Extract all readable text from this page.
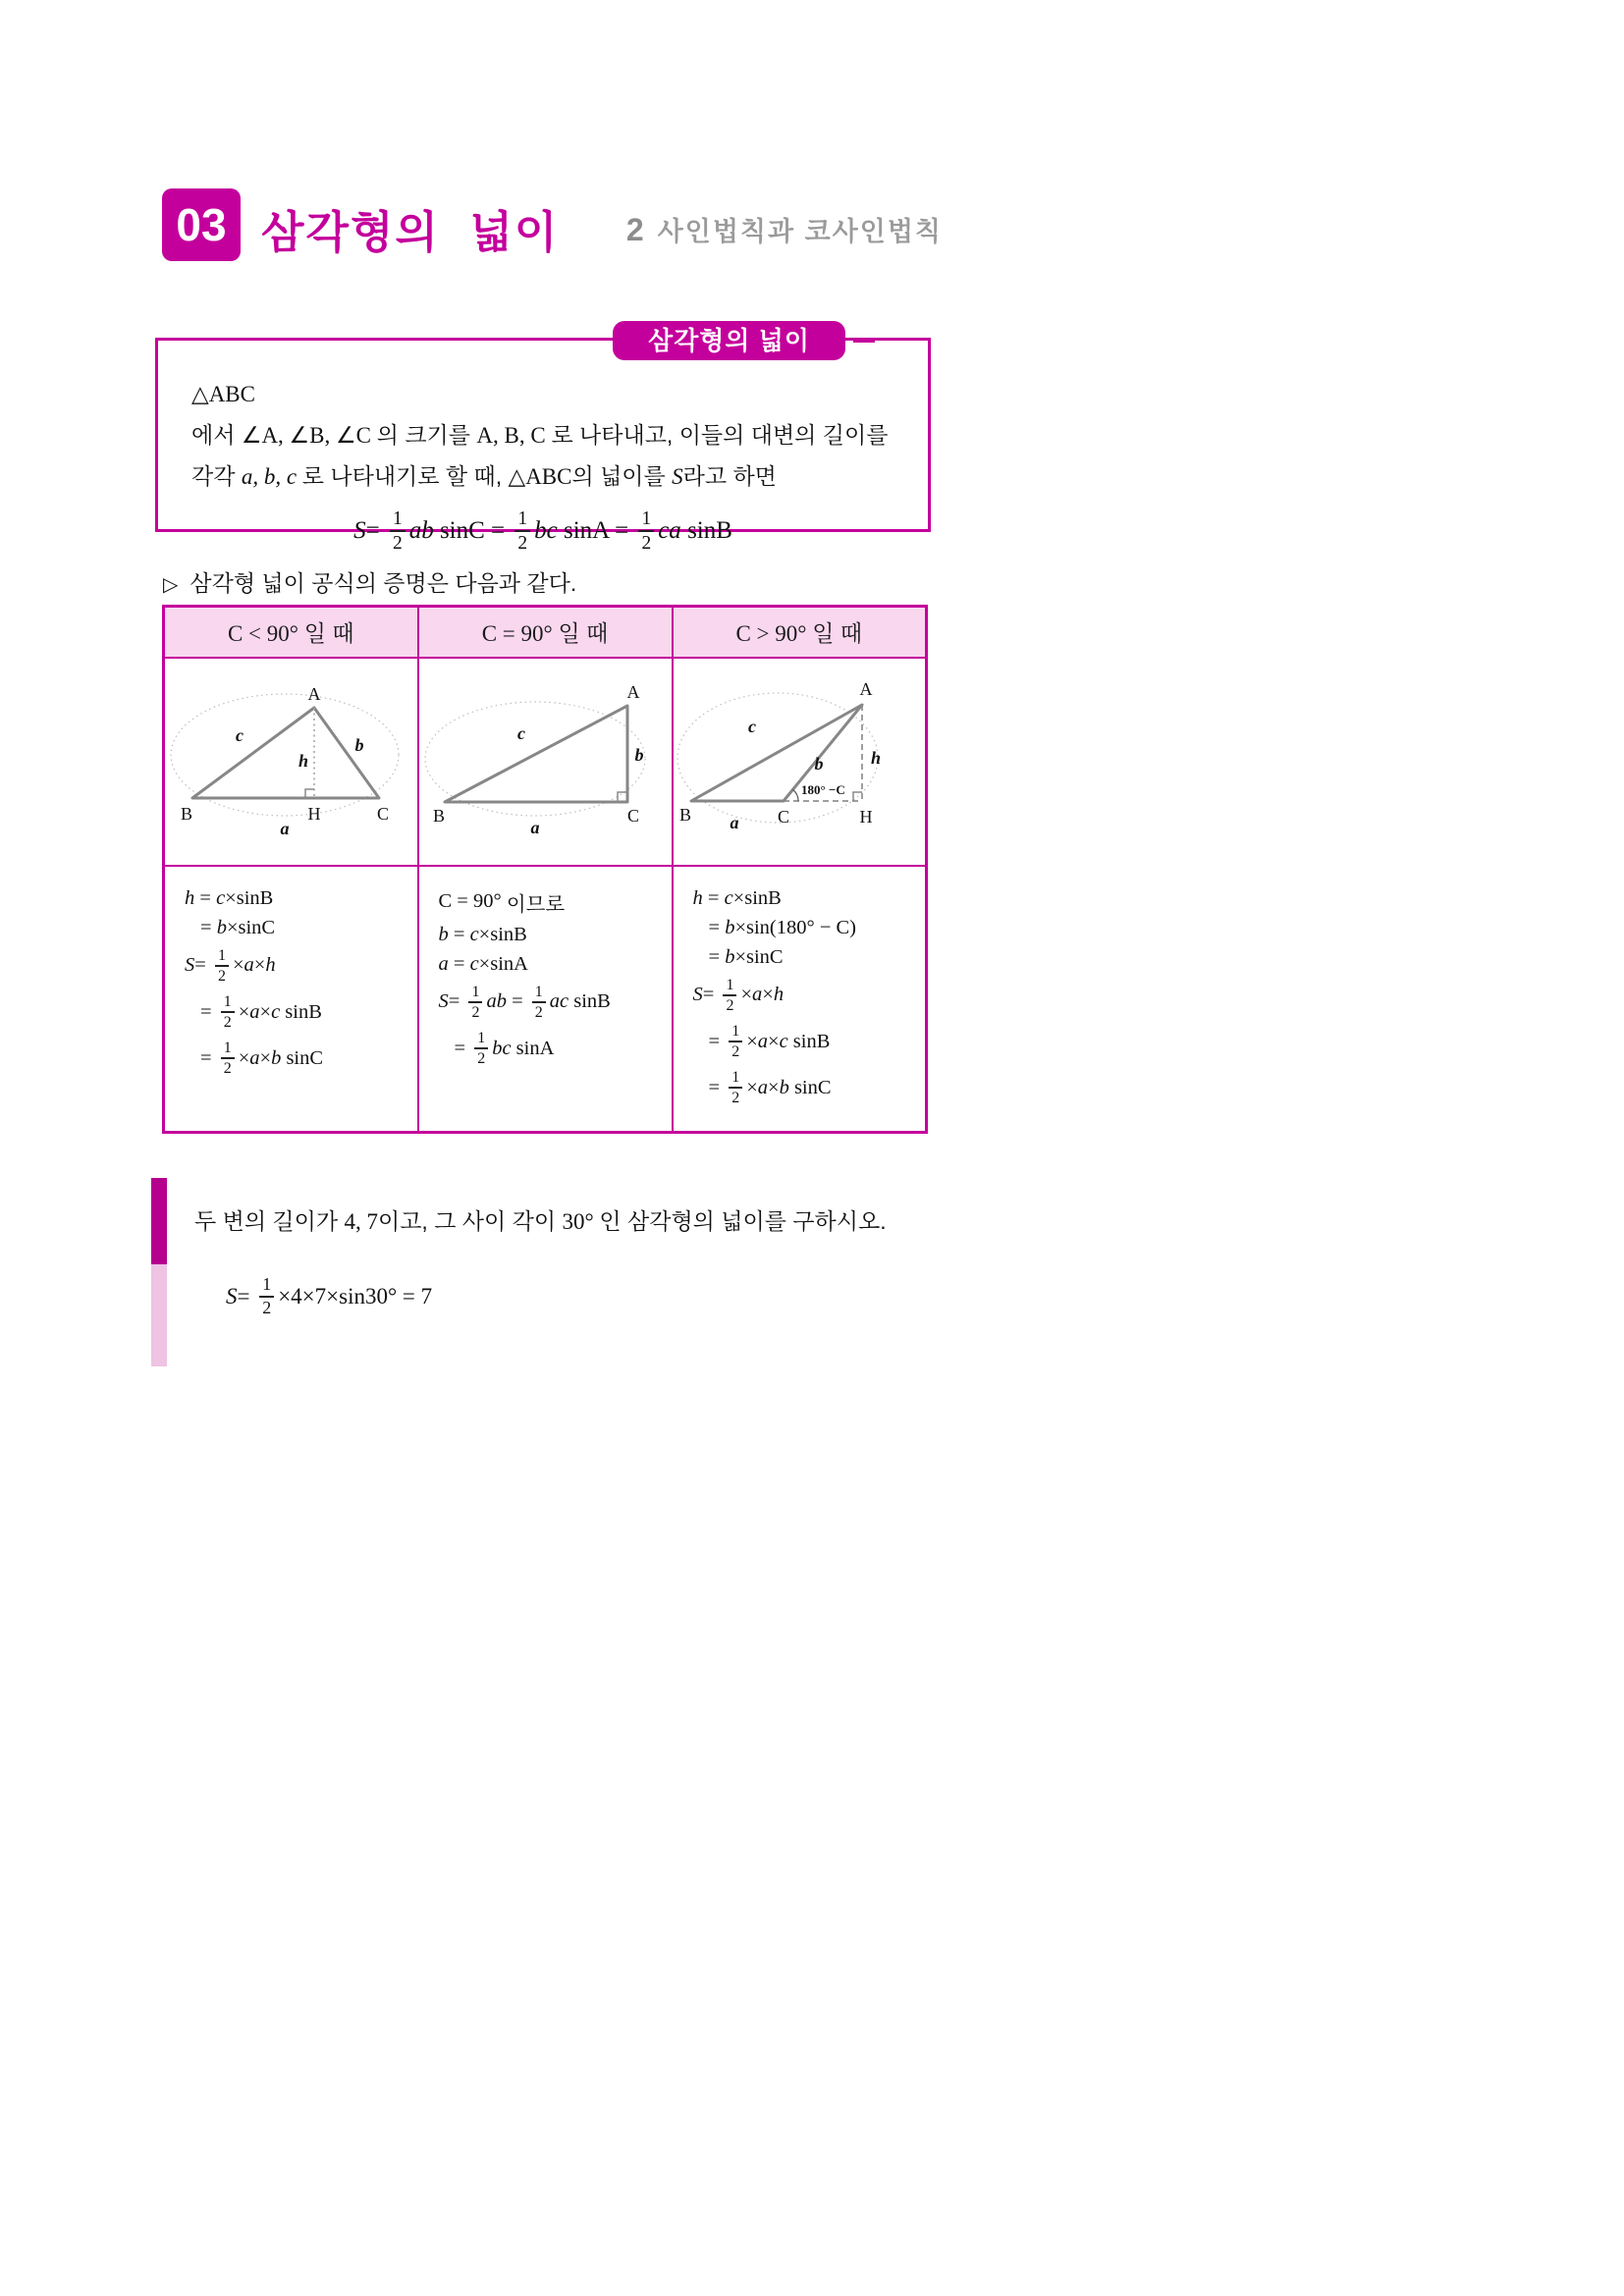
03 삼각형의 넓이	2 사인법칙과 코사인법칙
삼각형의 넓이

△ABC에서 ∠A, ∠B, ∠C 의 크기를 A, B, C 로 나타내고, 이들의 대변의 길이를

각각 a, b, c 로 나타내기로 할 때, △ABC의 넓이를 S라고 하면

$S= \frac{1}{2}$ ab $\sin C = \frac{1}{2}$ bc $\sin A = \frac{1}{2}$ ca sinB

▷ 삼각형 넓이 공식의 증명은 다음과 같다.

C < 90° 일 때	C = 90° 일 때	C > 90° 일 때

A
B	C
H
a
b
c
h

A
B	C
a
b
c

A
B	C	H
a
b
c
h
180° −C

h = c ×sinB
= b ×sinC
$S = \frac{1}{2} \times a \times h$
= $\frac{1}{2} \times a \times c$ sinB
= $\frac{1}{2} \times a \times b$ sinC

C = 90° 이므로
b = c ×sinB
a = c ×sinA
$S = \frac{1}{2}$ ab = $\frac{1}{2}$ ac sinB
= $\frac{1}{2}$ bc sinA

h = c ×sinB
= b ×sin(180° − C)
= b ×sinC
$S = \frac{1}{2} \times a \times h$
= $\frac{1}{2} \times a \times c$ sinB
= $\frac{1}{2} \times a \times b$ sinC

두 변의 길이가 4, 7이고, 그 사이 각이 30° 인 삼각형의 넓이를 구하시오.

$S = \frac{1}{2} \times 4\times 7\times\sin 30^\circ = 7$
